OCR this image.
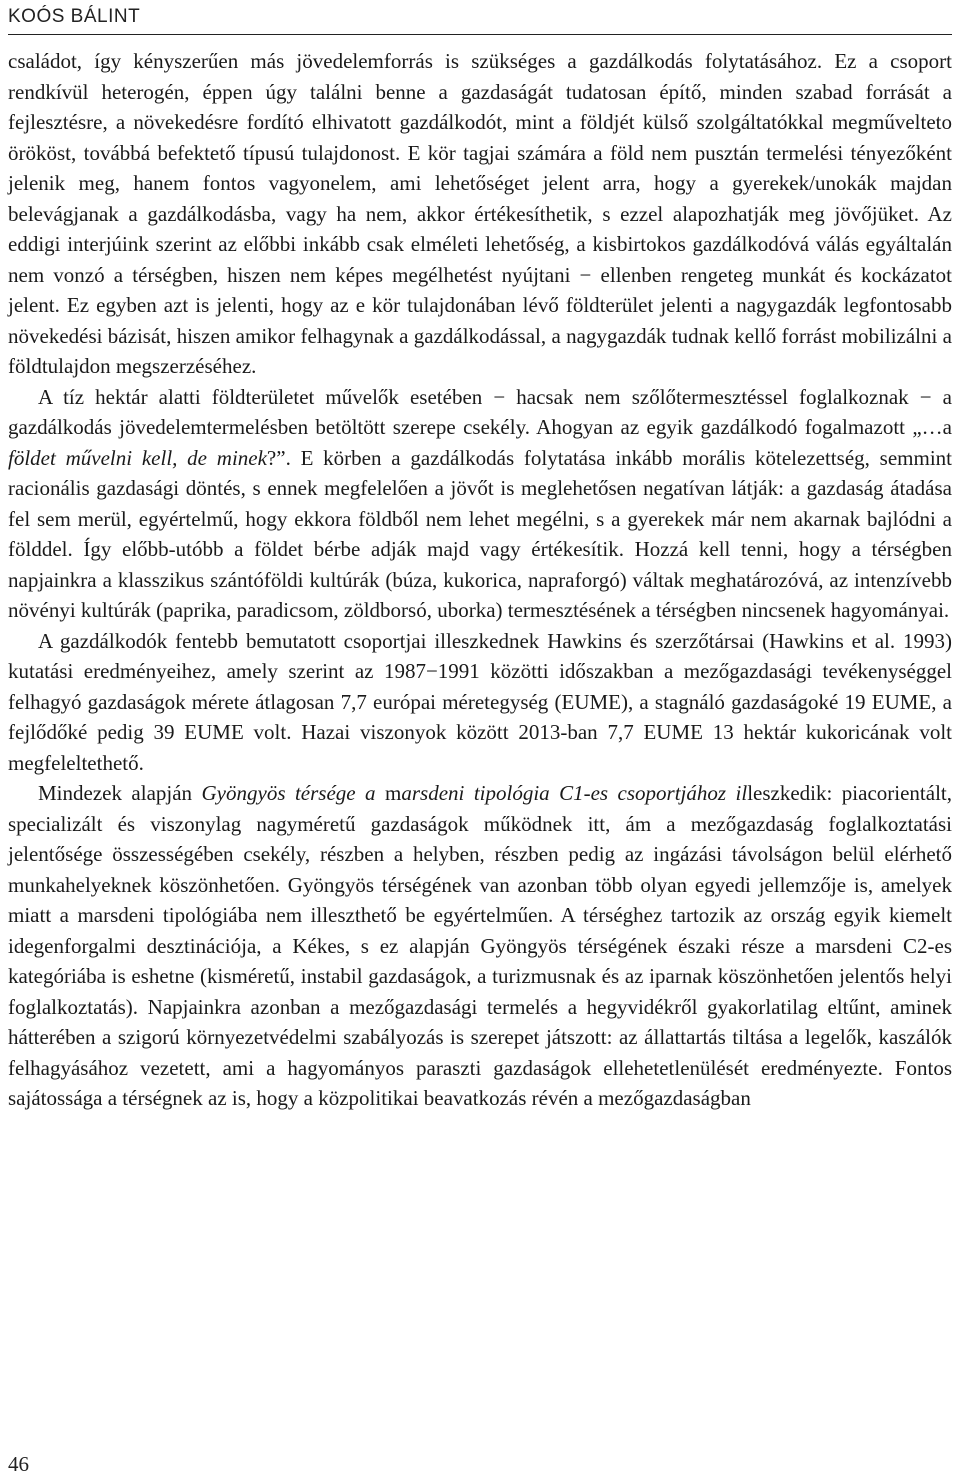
KOÓS BÁLINT

családot, így kényszerűen más jövedelemforrás is szükséges a gazdálkodás folytatásához. Ez a csoport rendkívül heterogén, éppen úgy találni benne a gazdaságát tudatosan építő, minden szabad forrását a fejlesztésre, a növekedésre fordító elhivatott gazdálkodót, mint a földjét külső szolgáltatókkal megművelteto örököst, továbbá befektető típusú tulajdonost. E kör tagjai számára a föld nem pusztán termelési tényezőként jelenik meg, hanem fontos vagyonelem, ami lehetőséget jelent arra, hogy a gyerekek/unokák majdan belevágjanak a gazdálkodásba, vagy ha nem, akkor értékesíthetik, s ezzel alapozhatják meg jövőjüket. Az eddigi interjúink szerint az előbbi inkább csak elméleti lehetőség, a kisbirtokos gazdálkodóvá válás egyáltalán nem vonzó a térségben, hiszen nem képes megélhetést nyújtani − ellenben rengeteg munkát és kockázatot jelent. Ez egyben azt is jelenti, hogy az e kör tulajdonában lévő földterület jelenti a nagygazdák legfontosabb növekedési bázisát, hiszen amikor felhagynak a gazdálkodással, a nagygazdák tudnak kellő forrást mobilizálni a földtulajdon megszerzéséhez.

A tíz hektár alatti földterületet művelők esetében − hacsak nem szőlőtermesztéssel foglalkoznak − a gazdálkodás jövedelemtermelésben betöltött szerepe csekély. Ahogyan az egyik gazdálkodó fogalmazott „…a földet művelni kell, de minek?”. E körben a gazdálkodás folytatása inkább morális kötelezettség, semmint racionális gazdasági döntés, s ennek megfelelően a jövőt is meglehetősen negatívan látják: a gazdaság átadása fel sem merül, egyértelmű, hogy ekkora földből nem lehet megélni, s a gyerekek már nem akarnak bajlódni a földdel. Így előbb-utóbb a földet bérbe adják majd vagy értékesítik. Hozzá kell tenni, hogy a térségben napjainkra a klasszikus szántóföldi kultúrák (búza, kukorica, napraforgó) váltak meghatározóvá, az intenzívebb növényi kultúrák (paprika, paradicsom, zöldborsó, uborka) termesztésének a térségben nincsenek hagyományai.

A gazdálkodók fentebb bemutatott csoportjai illeszkednek Hawkins és szerzőtársai (Hawkins et al. 1993) kutatási eredményeihez, amely szerint az 1987−1991 közötti időszakban a mezőgazdasági tevékenységgel felhagyó gazdaságok mérete átlagosan 7,7 európai méretegység (EUME), a stagnáló gazdaságoké 19 EUME, a fejlődőké pedig 39 EUME volt. Hazai viszonyok között 2013-ban 7,7 EUME 13 hektár kukoricának volt megfeleltethető.

Mindezek alapján Gyöngyös térsége a marsdeni tipológia C1-es csoportjához illeszkedik: piacorientált, specializált és viszonylag nagyméretű gazdaságok működnek itt, ám a mezőgazdaság foglalkoztatási jelentősége összességében csekély, részben a helyben, részben pedig az ingázási távolságon belül elérhető munkahelyeknek köszönhetően. Gyöngyös térségének van azonban több olyan egyedi jellemzője is, amelyek miatt a marsdeni tipológiába nem illeszthető be egyértelműen. A térséghez tartozik az ország egyik kiemelt idegenforgalmi desztinációja, a Kékes, s ez alapján Gyöngyös térségének északi része a marsdeni C2-es kategóriába is eshetne (kisméretű, instabil gazdaságok, a turizmusnak és az iparnak köszönhetően jelentős helyi foglalkoztatás). Napjainkra azonban a mezőgazdasági termelés a hegyvidékről gyakorlatilag eltűnt, aminek hátterében a szigorú környezetvédelmi szabályozás is szerepet játszott: az állattartás tiltása a legelők, kaszálók felhagyásához vezetett, ami a hagyományos paraszti gazdaságok ellehetetlenülését eredményezte. Fontos sajátossága a térségnek az is, hogy a közpolitikai beavatkozás révén a mezőgazdaságban

46
